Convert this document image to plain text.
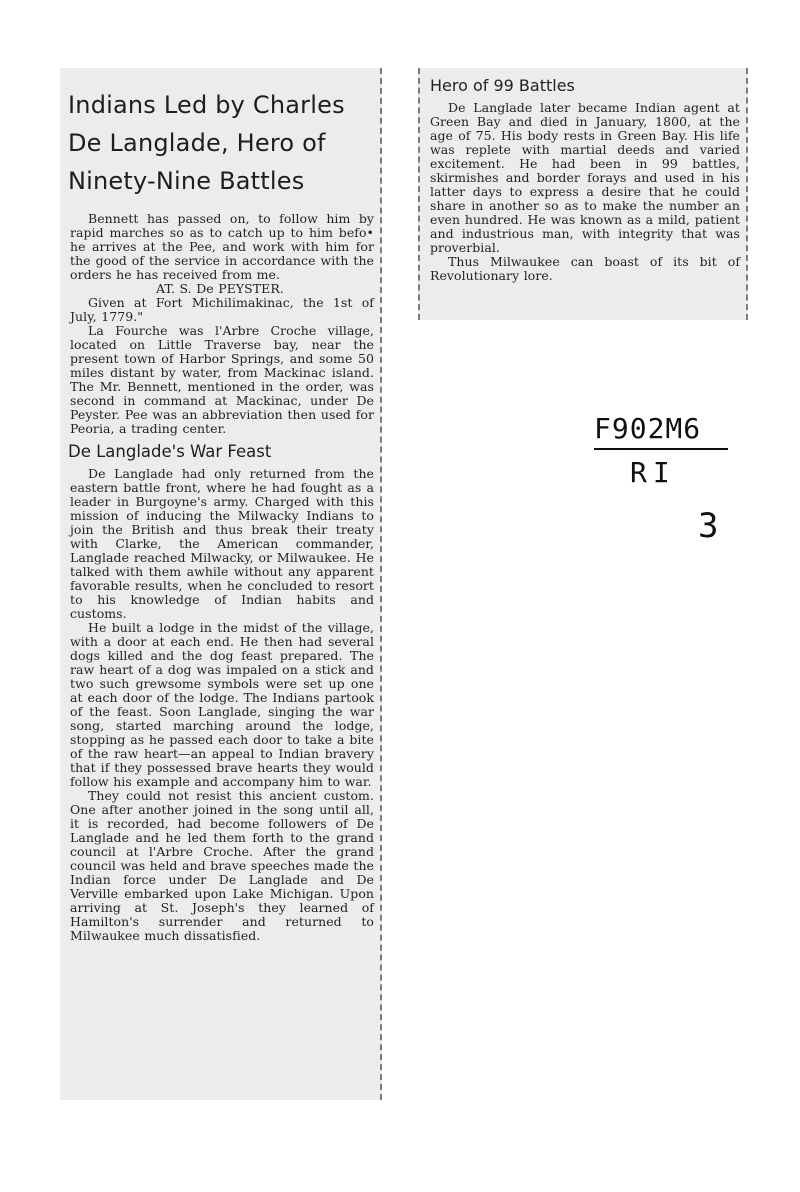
Indians Led by Charles
De Langlade, Hero of
Ninety-Nine Battles

Bennett has passed on, to follow him by rapid marches so as to catch up to him befo• he arrives at the Pee, and work with him for the good of the service in accordance with the orders he has received from me.

AT. S. De PEYSTER.

Given at Fort Michilimakinac, the 1st of July, 1779."

La Fourche was l'Arbre Croche village, located on Little Traverse bay, near the present town of Harbor Springs, and some 50 miles distant by water, from Mackinac island. The Mr. Bennett, mentioned in the order, was second in command at Mackinac, under De Peyster. Pee was an abbreviation then used for Peoria, a trading center.

De Langlade's War Feast

De Langlade had only returned from the eastern battle front, where he had fought as a leader in Burgoyne's army. Charged with this mission of inducing the Milwacky Indians to join the British and thus break their treaty with Clarke, the American commander, Langlade reached Milwacky, or Milwaukee. He talked with them awhile without any apparent favorable results, when he concluded to resort to his knowledge of Indian habits and customs.

He built a lodge in the midst of the village, with a door at each end. He then had several dogs killed and the dog feast prepared. The raw heart of a dog was impaled on a stick and two such grewsome symbols were set up one at each door of the lodge. The Indians partook of the feast. Soon Langlade, singing the war song, started marching around the lodge, stopping as he passed each door to take a bite of the raw heart—an appeal to Indian bravery that if they possessed brave hearts they would follow his example and accompany him to war.

They could not resist this ancient custom. One after another joined in the song until all, it is recorded, had become followers of De Langlade and he led them forth to the grand council at l'Arbre Croche. After the grand council was held and brave speeches made the Indian force under De Langlade and De Verville embarked upon Lake Michigan. Upon arriving at St. Joseph's they learned of Hamilton's surrender and returned to Milwaukee much dissatisfied.

Hero of 99 Battles

De Langlade later became Indian agent at Green Bay and died in January, 1800, at the age of 75. His body rests in Green Bay. His life was replete with martial deeds and varied excitement. He had been in 99 battles, skirmishes and border forays and used in his latter days to express a desire that he could share in another so as to make the number an even hundred. He was known as a mild, patient and industrious man, with integrity that was proverbial.

Thus Milwaukee can boast of its bit of Revolutionary lore.

F902M6
RI
3
